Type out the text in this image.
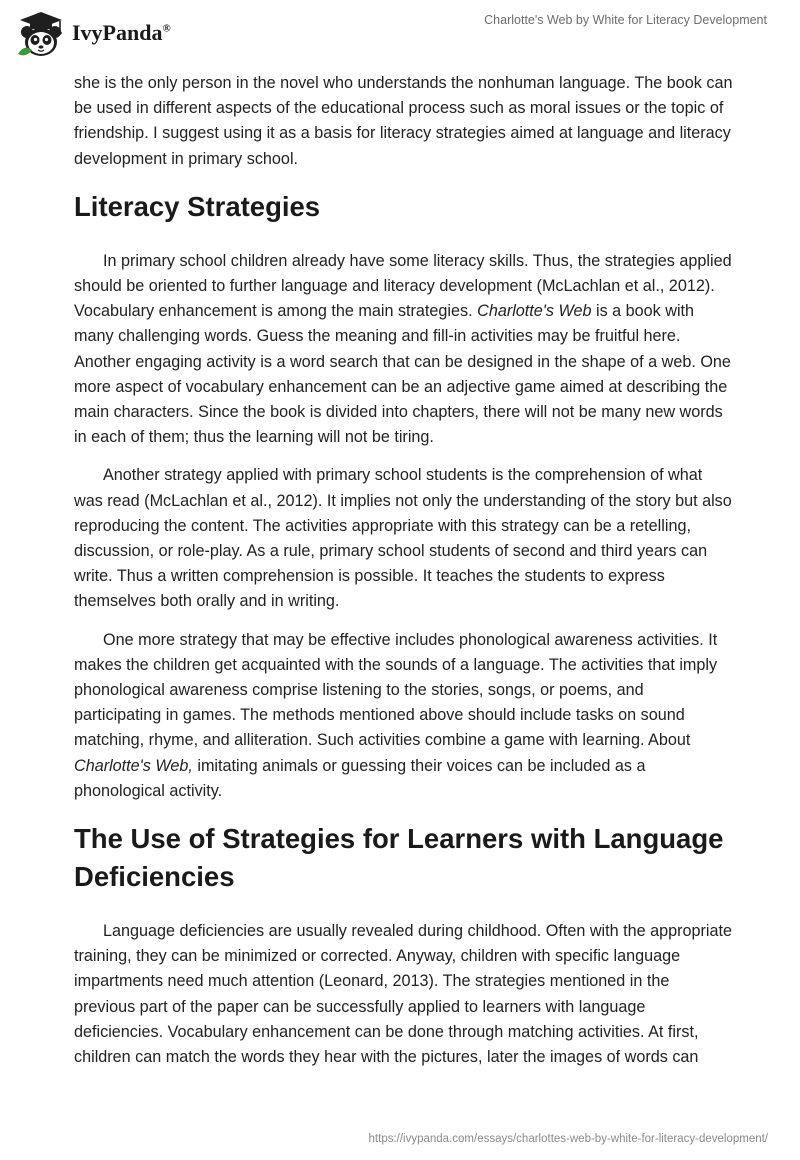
IvyPanda®
Charlotte's Web by White for Literacy Development

she is the only person in the novel who understands the nonhuman language. The book can be used in different aspects of the educational process such as moral issues or the topic of friendship. I suggest using it as a basis for literacy strategies aimed at language and literacy development in primary school.

Literacy Strategies

In primary school children already have some literacy skills. Thus, the strategies applied should be oriented to further language and literacy development (McLachlan et al., 2012). Vocabulary enhancement is among the main strategies. Charlotte's Web is a book with many challenging words. Guess the meaning and fill-in activities may be fruitful here. Another engaging activity is a word search that can be designed in the shape of a web. One more aspect of vocabulary enhancement can be an adjective game aimed at describing the main characters. Since the book is divided into chapters, there will not be many new words in each of them; thus the learning will not be tiring.

Another strategy applied with primary school students is the comprehension of what was read (McLachlan et al., 2012). It implies not only the understanding of the story but also reproducing the content. The activities appropriate with this strategy can be a retelling, discussion, or role-play. As a rule, primary school students of second and third years can write. Thus a written comprehension is possible. It teaches the students to express themselves both orally and in writing.

One more strategy that may be effective includes phonological awareness activities. It makes the children get acquainted with the sounds of a language. The activities that imply phonological awareness comprise listening to the stories, songs, or poems, and participating in games. The methods mentioned above should include tasks on sound matching, rhyme, and alliteration. Such activities combine a game with learning. About Charlotte's Web, imitating animals or guessing their voices can be included as a phonological activity.

The Use of Strategies for Learners with Language Deficiencies

Language deficiencies are usually revealed during childhood. Often with the appropriate training, they can be minimized or corrected. Anyway, children with specific language impartments need much attention (Leonard, 2013). The strategies mentioned in the previous part of the paper can be successfully applied to learners with language deficiencies. Vocabulary enhancement can be done through matching activities. At first, children can match the words they hear with the pictures, later the images of words can

https://ivypanda.com/essays/charlottes-web-by-white-for-literacy-development/
